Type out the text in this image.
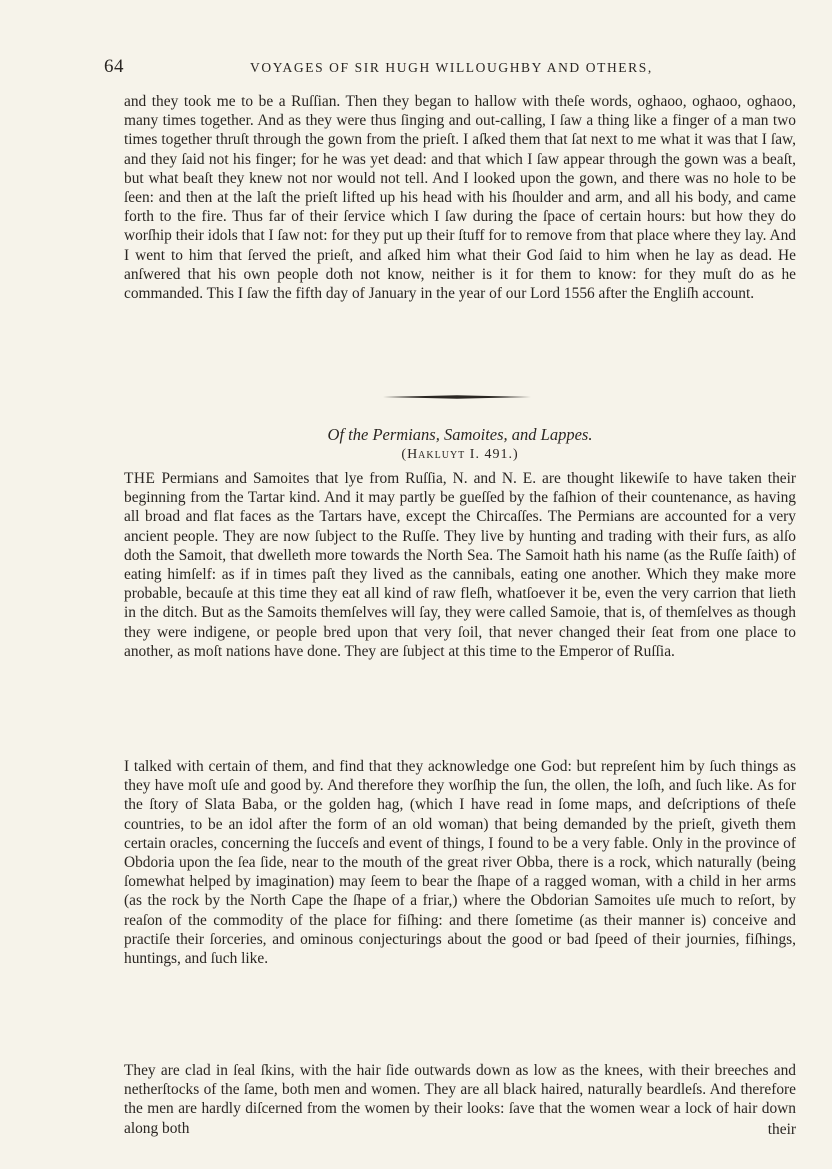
64	VOYAGES OF SIR HUGH WILLOUGHBY AND OTHERS,

and they took me to be a Ruſſian. Then they began to hallow with theſe words, oghaoo, oghaoo, oghaoo, many times together. And as they were thus ſinging and out-calling, I ſaw a thing like a finger of a man two times together thruſt through the gown from the prieſt. I aſked them that ſat next to me what it was that I ſaw, and they ſaid not his finger; for he was yet dead: and that which I ſaw appear through the gown was a beaſt, but what beaſt they knew not nor would not tell. And I looked upon the gown, and there was no hole to be ſeen: and then at the laſt the prieſt lifted up his head with his ſhoulder and arm, and all his body, and came forth to the fire. Thus far of their ſervice which I ſaw during the ſpace of certain hours: but how they do worſhip their idols that I ſaw not: for they put up their ſtuff for to remove from that place where they lay. And I went to him that ſerved the prieſt, and aſked him what their God ſaid to him when he lay as dead. He anſwered that his own people doth not know, neither is it for them to know: for they muſt do as he commanded. This I ſaw the fifth day of January in the year of our Lord 1556 after the Engliſh account.

Of the Permians, Samoites, and Lappes.
(Hakluyt I. 491.)

THE Permians and Samoites that lye from Ruſſia, N. and N. E. are thought likewiſe to have taken their beginning from the Tartar kind. And it may partly be gueſſed by the faſhion of their countenance, as having all broad and flat faces as the Tartars have, except the Chircaſſes. The Permians are accounted for a very ancient people. They are now ſubject to the Ruſſe. They live by hunting and trading with their furs, as alſo doth the Samoit, that dwelleth more towards the North Sea. The Samoit hath his name (as the Ruſſe ſaith) of eating himſelf: as if in times paſt they lived as the cannibals, eating one another. Which they make more probable, becauſe at this time they eat all kind of raw fleſh, whatſoever it be, even the very carrion that lieth in the ditch. But as the Samoits themſelves will ſay, they were called Samoie, that is, of themſelves as though they were indigene, or people bred upon that very ſoil, that never changed their ſeat from one place to another, as moſt nations have done. They are ſubject at this time to the Emperor of Ruſſia.

I talked with certain of them, and find that they acknowledge one God: but repreſent him by ſuch things as they have moſt uſe and good by. And therefore they worſhip the ſun, the ollen, the loſh, and ſuch like. As for the ſtory of Slata Baba, or the golden hag, (which I have read in ſome maps, and deſcriptions of theſe countries, to be an idol after the form of an old woman) that being demanded by the prieſt, giveth them certain oracles, concerning the ſucceſs and event of things, I found to be a very fable. Only in the province of Obdoria upon the ſea ſide, near to the mouth of the great river Obba, there is a rock, which naturally (being ſomewhat helped by imagination) may ſeem to bear the ſhape of a ragged woman, with a child in her arms (as the rock by the North Cape the ſhape of a friar,) where the Obdorian Samoites uſe much to reſort, by reaſon of the commodity of the place for fiſhing: and there ſometime (as their manner is) conceive and practiſe their ſorceries, and ominous conjecturings about the good or bad ſpeed of their journies, fiſhings, huntings, and ſuch like.

They are clad in ſeal ſkins, with the hair ſide outwards down as low as the knees, with their breeches and netherſtocks of the ſame, both men and women. They are all black haired, naturally beardleſs. And therefore the men are hardly diſcerned from the women by their looks: ſave that the women wear a lock of hair down along both	their
